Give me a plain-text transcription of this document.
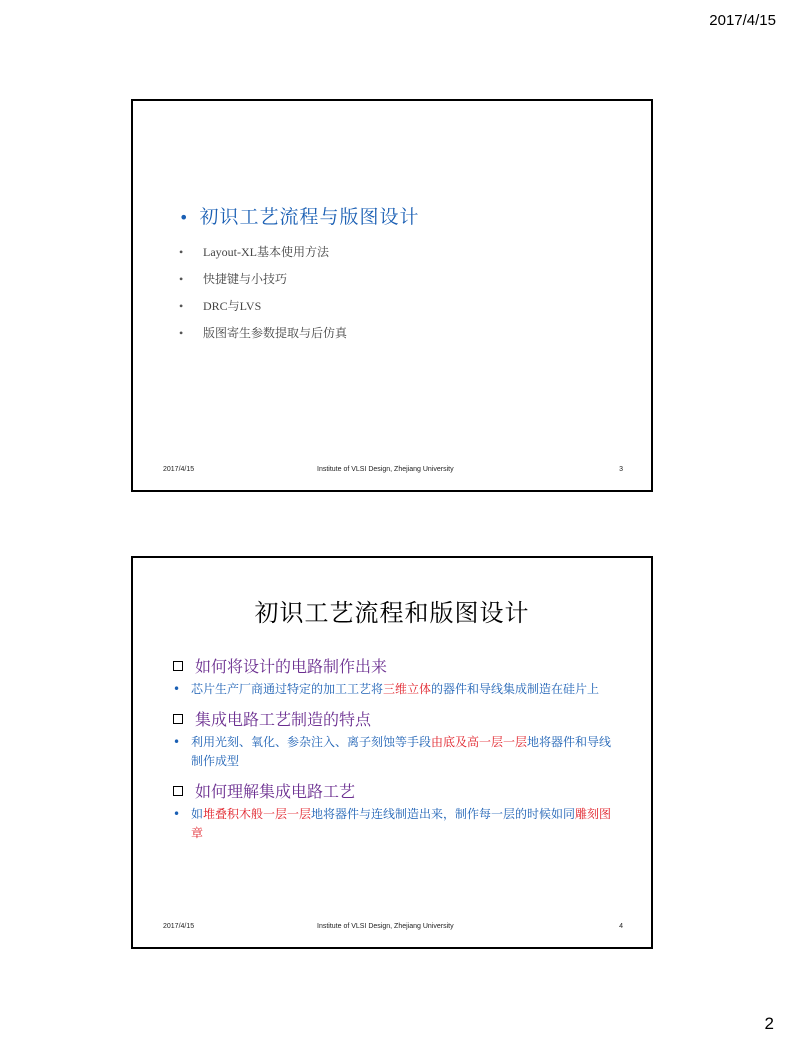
2017/4/15
• 初识工艺流程与版图设计
• Layout-XL基本使用方法
• 快捷键与小技巧
• DRC与LVS
• 版图寄生参数提取与后仿真
2017/4/15	Institute of VLSI Design, Zhejiang University	3
初识工艺流程和版图设计
如何将设计的电路制作出来
• 芯片生产厂商通过特定的加工工艺将三维立体的器件和导线集成制造在硅片上
集成电路工艺制造的特点
• 利用光刻、氧化、参杂注入、离子刻蚀等手段由底及高一层一层地将器件和导线制作成型
如何理解集成电路工艺
• 如堆叠积木般一层一层地将器件与连线制造出来，制作每一层的时候如同雕刻图章
2017/4/15	Institute of VLSI Design, Zhejiang University	4
2
